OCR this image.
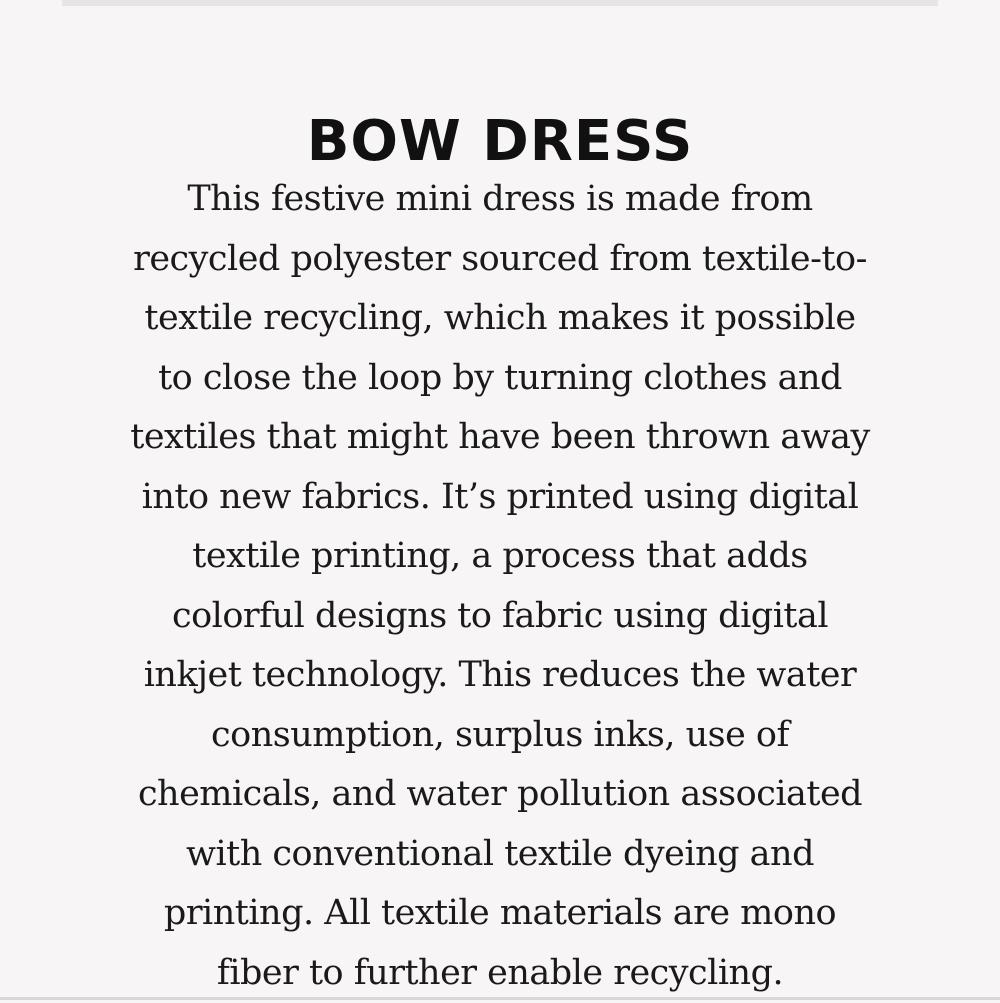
BOW DRESS

This festive mini dress is made from
recycled polyester sourced from textile-to-
textile recycling, which makes it possible
to close the loop by turning clothes and
textiles that might have been thrown away
into new fabrics. It’s printed using digital
textile printing, a process that adds
colorful designs to fabric using digital
inkjet technology. This reduces the water
consumption, surplus inks, use of
chemicals, and water pollution associated
with conventional textile dyeing and
printing. All textile materials are mono
fiber to further enable recycling.
